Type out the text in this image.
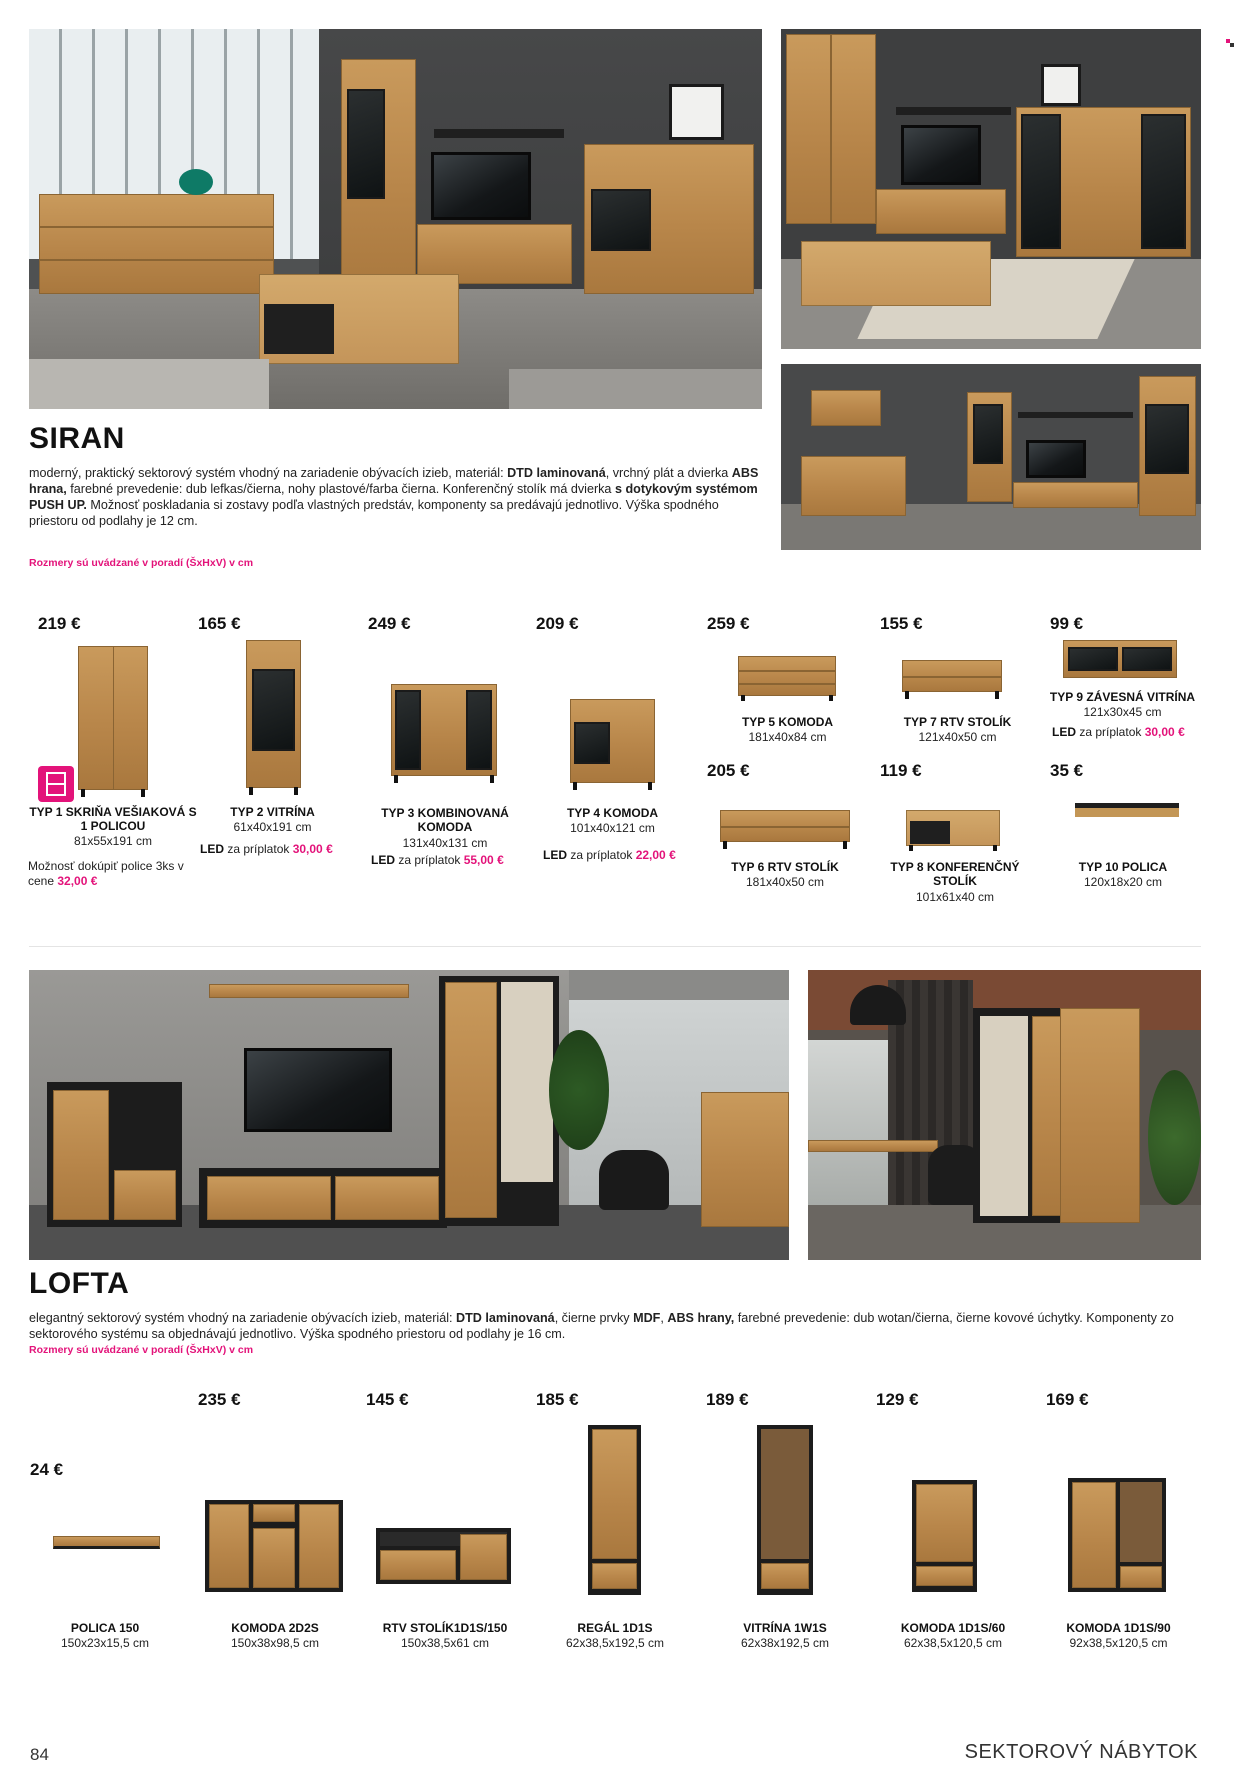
SIRAN
moderný, praktický sektorový systém vhodný na zariadenie obývacích izieb, materiál: DTD laminovaná, vrchný plát a dvierka ABS hrana, farebné prevedenie: dub lefkas/čierna, nohy plastové/farba čierna. Konferenčný stolík má dvierka s dotykovým systémom PUSH UP. Možnosť poskladania si zostavy podľa vlastných predstáv, komponenty sa predávajú jednotlivo. Výška spodného priestoru od podlahy je 12 cm.
Rozmery sú uvádzané v poradí (ŠxHxV) v cm
219 €
TYP 1 SKRIŇA VEŠIAKOVÁ S 1 POLICOU
81x55x191 cm
Možnosť dokúpiť police 3ks v cene 32,00 €
165 €
TYP 2 VITRÍNA
61x40x191 cm
LED za príplatok 30,00 €
249 €
TYP 3 KOMBINOVANÁ KOMODA
131x40x131 cm
LED za príplatok 55,00 €
209 €
TYP 4 KOMODA
101x40x121 cm
LED za príplatok 22,00 €
259 €
TYP 5 KOMODA
181x40x84 cm
155 €
TYP 7 RTV STOLÍK
121x40x50 cm
99 €
TYP 9 ZÁVESNÁ VITRÍNA
121x30x45 cm
LED za príplatok 30,00 €
205 €
TYP 6 RTV STOLÍK
181x40x50 cm
119 €
TYP 8 KONFERENČNÝ STOLÍK
101x61x40 cm
35 €
TYP 10 POLICA
120x18x20 cm
LOFTA
elegantný sektorový systém vhodný na zariadenie obývacích izieb, materiál: DTD laminovaná, čierne prvky MDF, ABS hrany, farebné prevedenie: dub wotan/čierna, čierne kovové úchytky. Komponenty zo sektorového systému sa objednávajú jednotlivo. Výška spodného priestoru od podlahy je 16 cm.
Rozmery sú uvádzané v poradí (ŠxHxV) v cm
24 €
POLICA 150
150x23x15,5 cm
235 €
KOMODA 2D2S
150x38x98,5 cm
145 €
RTV STOLÍK1D1S/150
150x38,5x61 cm
185 €
REGÁL 1D1S
62x38,5x192,5 cm
189 €
VITRÍNA 1W1S
62x38x192,5 cm
129 €
KOMODA 1D1S/60
62x38,5x120,5 cm
169 €
KOMODA 1D1S/90
92x38,5x120,5 cm
84	SEKTOROVÝ NÁBYTOK
